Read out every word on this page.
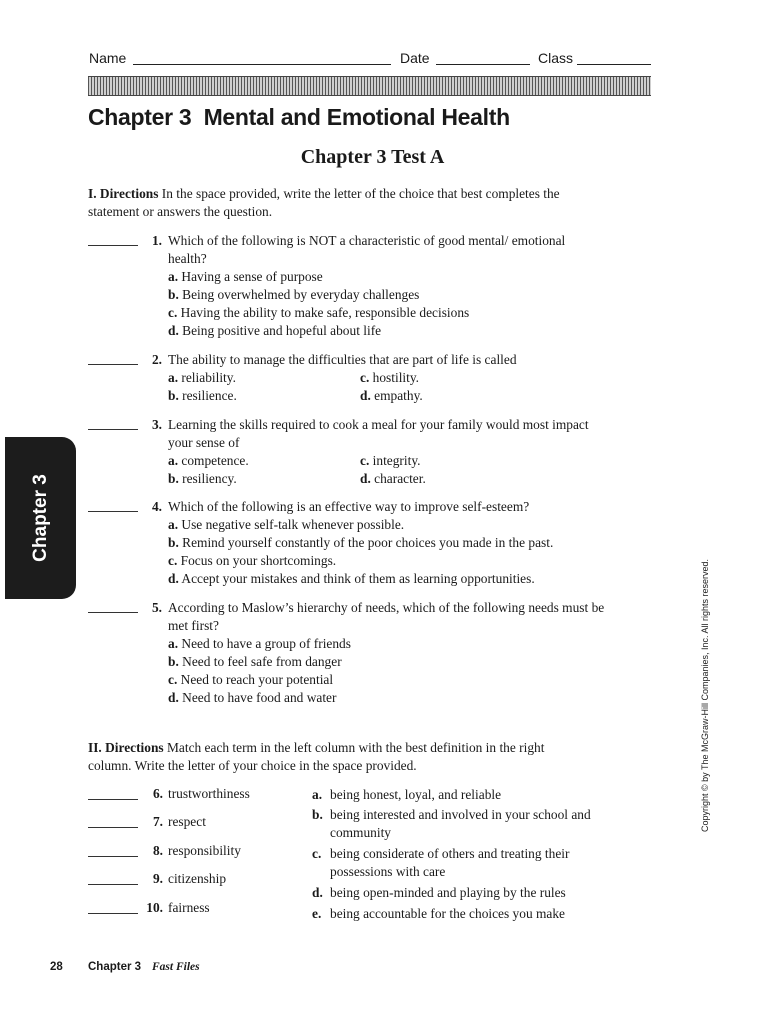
Name	Date	Class
Chapter 3  Mental and Emotional Health
Chapter 3 Test A
I. Directions In the space provided, write the letter of the choice that best completes the statement or answers the question.
1. Which of the following is NOT a characteristic of good mental/ emotional health?
a. Having a sense of purpose
b. Being overwhelmed by everyday challenges
c. Having the ability to make safe, responsible decisions
d. Being positive and hopeful about life
2. The ability to manage the difficulties that are part of life is called
a. reliability.
b. resilience.
c. hostility.
d. empathy.
3. Learning the skills required to cook a meal for your family would most impact your sense of
a. competence.
b. resiliency.
c. integrity.
d. character.
4. Which of the following is an effective way to improve self-esteem?
a. Use negative self-talk whenever possible.
b. Remind yourself constantly of the poor choices you made in the past.
c. Focus on your shortcomings.
d. Accept your mistakes and think of them as learning opportunities.
5. According to Maslow’s hierarchy of needs, which of the following needs must be met first?
a. Need to have a group of friends
b. Need to feel safe from danger
c. Need to reach your potential
d. Need to have food and water
II. Directions Match each term in the left column with the best definition in the right column. Write the letter of your choice in the space provided.
6. trustworthiness
7. respect
8. responsibility
9. citizenship
10. fairness
a. being honest, loyal, and reliable
b. being interested and involved in your school and community
c. being considerate of others and treating their possessions with care
d. being open-minded and playing by the rules
e. being accountable for the choices you make
Chapter 3
Copyright © by The McGraw-Hill Companies, Inc. All rights reserved.
28 Chapter 3 Fast Files
